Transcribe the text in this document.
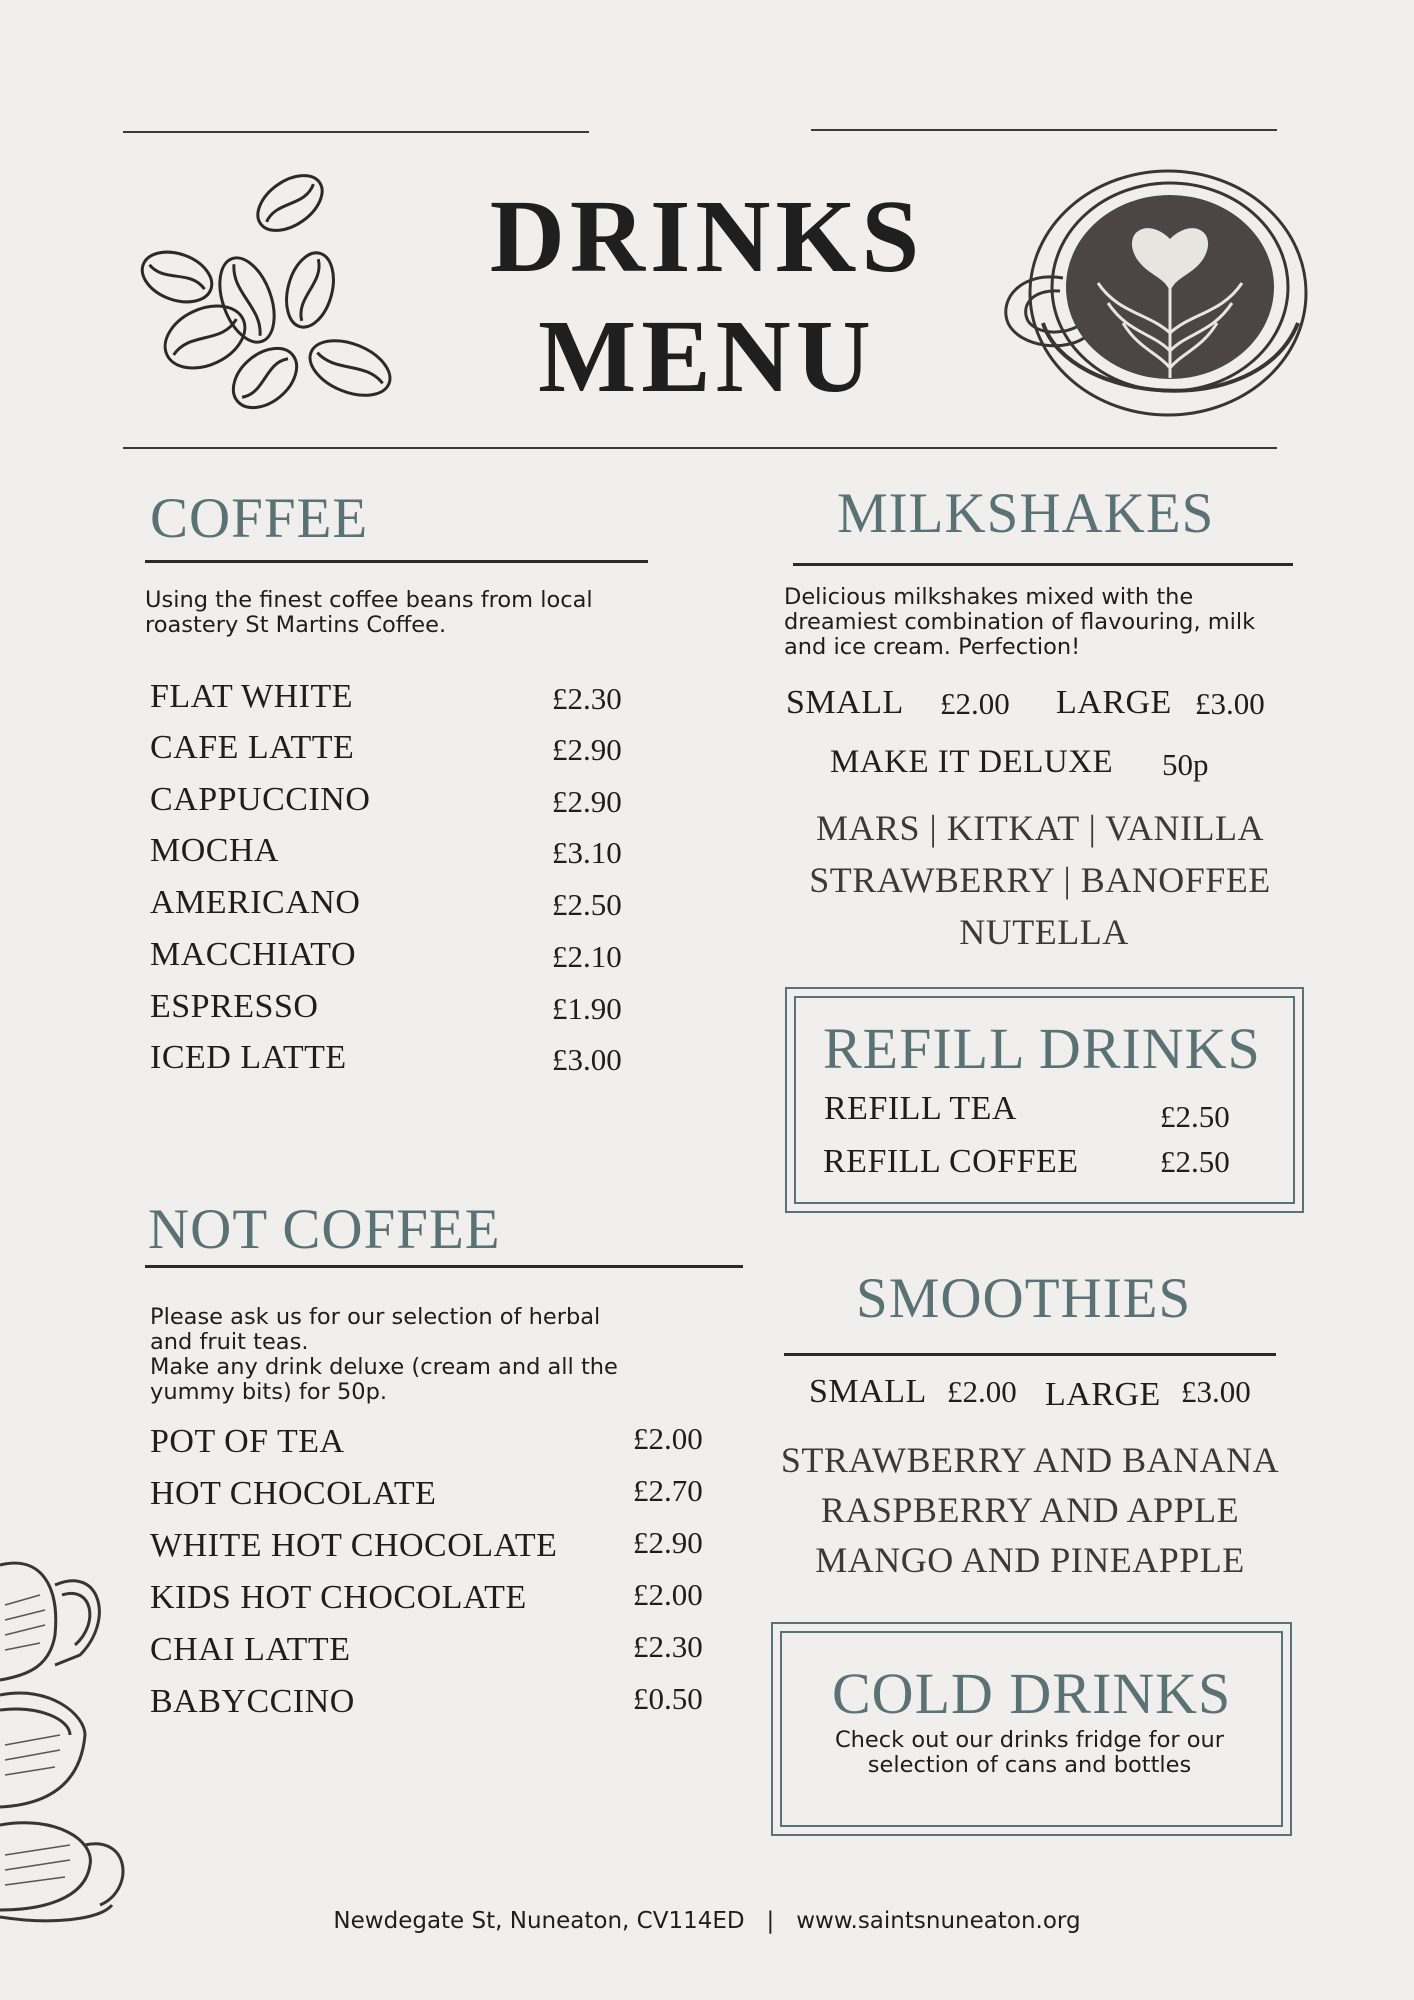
DRINKS
MENU
COFFEE
Using the finest coffee beans from local
roastery St Martins Coffee.
FLAT WHITE	£2.30
CAFE LATTE	£2.90
CAPPUCCINO	£2.90
MOCHA	£3.10
AMERICANO	£2.50
MACCHIATO	£2.10
ESPRESSO	£1.90
ICED LATTE	£3.00
NOT COFFEE
Please ask us for our selection of herbal
and fruit teas.
Make any drink deluxe (cream and all the
yummy bits) for 50p.
POT OF TEA	£2.00
HOT CHOCOLATE	£2.70
WHITE HOT CHOCOLATE £2.90
KIDS HOT CHOCOLATE	£2.00
CHAI LATTE	£2.30
BABYCCINO	£0.50
MILKSHAKES
Delicious milkshakes mixed with the
dreamiest combination of flavouring, milk
and ice cream. Perfection!
SMALL £2.00 LARGE £3.00
MAKE IT DELUXE 50p
MARS | KITKAT | VANILLA
STRAWBERRY | BANOFFEE
NUTELLA
REFILL DRINKS
REFILL TEA	£2.50
REFILL COFFEE	£2.50
SMOOTHIES
SMALL £2.00 LARGE £3.00
STRAWBERRY AND BANANA
RASPBERRY AND APPLE
MANGO AND PINEAPPLE
COLD DRINKS
Check out our drinks fridge for our
selection of cans and bottles
Newdegate St, Nuneaton, CV114ED   |   www.saintsnuneaton.org
